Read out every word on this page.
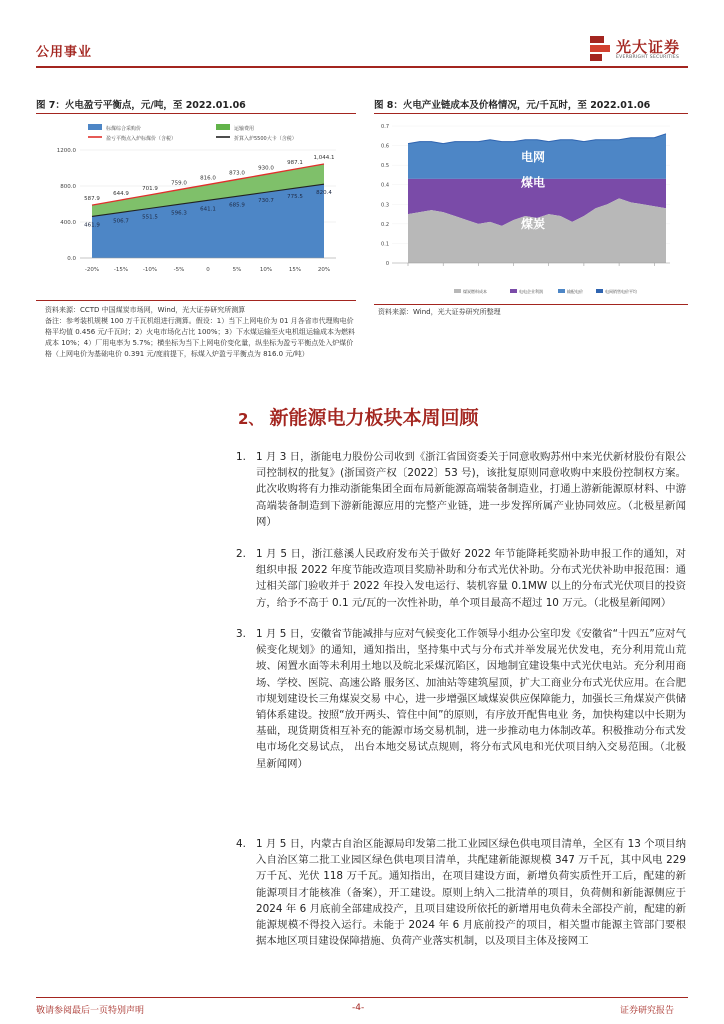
公用事业	光大证券
EVERBRIGHT SECURITIES
图 7：火电盈亏平衡点，元/吨，至 2022.01.06
标煤综合采购价	运输费用
盈亏平衡点入炉标煤价（含税）	折算入炉5500大卡（含税）
0.0
400.0
800.0
1200.0
587.9
644.9
701.9
759.0
816.0
873.0
930.0
987.1
1,044.1
461.9
506.7
551.5
596.3
641.1
685.9
730.7
775.5
820.4
-20%	-15%	-10%	-5%	0	5%	10%	15%	20%
资料来源：CCTD 中国煤炭市场网，Wind，光大证券研究所测算
备注：参考装机规模 100 万千瓦机组进行测算。假设：1）当下上网电价为 01 月各省市代理购电价格平均值 0.456 元/千瓦时；2）火电市场化占比 100%；3）下水煤运输至火电机组运输成本为燃料成本 10%；4）厂用电率为 5.7%；横坐标为当下上网电价变化量，纵坐标为盈亏平衡点处入炉煤价格（上网电价为基础电价 0.391 元/度前提下，标煤入炉盈亏平衡点为 816.0 元/吨）
图 8：火电产业链成本及价格情况，元/千瓦时，至 2022.01.06
0
0.1
0.2
0.3
0.4
0.5
0.6
0.7
电网
煤电
煤炭
煤炭燃料成本	电电企业利润	输配电价	电网销售电价平均
资料来源：Wind，光大证券研究所整理
2、 新能源电力板块本周回顾
1. 1 月 3 日，浙能电力股份公司收到《浙江省国资委关于同意收购苏州中来光伏新材股份有限公司控制权的批复》(浙国资产权〔2022〕53 号)，该批复原则同意收购中来股份控制权方案。此次收购将有力推动浙能集团全面布局新能源高端装备制造业，打通上游新能源原材料、中游高端装备制造到下游新能源应用的完整产业链，进一步发挥所属产业协同效应。（北极星新闻网）
2. 1 月 5 日，浙江慈溪人民政府发布关于做好 2022 年节能降耗奖励补助申报工作的通知，对组织申报 2022 年度节能改造项目奖励补助和分布式光伏补助。分布式光伏补助申报范围：通过相关部门验收并于 2022 年投入发电运行、装机容量 0.1MW 以上的分布式光伏项目的投资方，给予不高于 0.1 元/瓦的一次性补助，单个项目最高不超过 10 万元。（北极星新闻网）
3. 1 月 5 日，安徽省节能减排与应对气候变化工作领导小组办公室印发《安徽省“十四五”应对气候变化规划》的通知，通知指出，坚持集中式与分布式并举发展光伏发电，充分利用荒山荒坡、闲置水面等未利用土地以及皖北采煤沉陷区，因地制宜建设集中式光伏电站。充分利用商场、学校、医院、高速公路 服务区、加油站等建筑屋顶，扩大工商业分布式光伏应用。在合肥市规划建设长三角煤炭交易 中心，进一步增强区域煤炭供应保障能力，加强长三角煤炭产供储销体系建设。按照“放开两头、管住中间”的原则，有序放开配售电业 务，加快构建以中长期为基础，现货期货相互补充的能源市场交易机制，进一步推动电力体制改革。积极推动分布式发电市场化交易试点， 出台本地交易试点规则，将分布式风电和光伏项目纳入交易范围。（北极星新闻网）
4. 1 月 5 日，内蒙古自治区能源局印发第二批工业园区绿色供电项目清单，全区有 13 个项目纳入自治区第二批工业园区绿色供电项目清单，共配建新能源规模 347 万千瓦，其中风电 229 万千瓦、光伏 118 万千瓦。通知指出，在项目建设方面，新增负荷实质性开工后，配建的新能源项目才能核准（备案），开工建设。原则上纳入二批清单的项目，负荷侧和新能源侧应于 2024 年 6 月底前全部建成投产，且项目建设所依托的新增用电负荷未全部投产前，配建的新能源规模不得投入运行。未能于 2024 年 6 月底前投产的项目，相关盟市能源主管部门要根据本地区项目建设保障措施、负荷产业落实机制，以及项目主体及接网工
敬请参阅最后一页特别声明	-4-	证券研究报告
